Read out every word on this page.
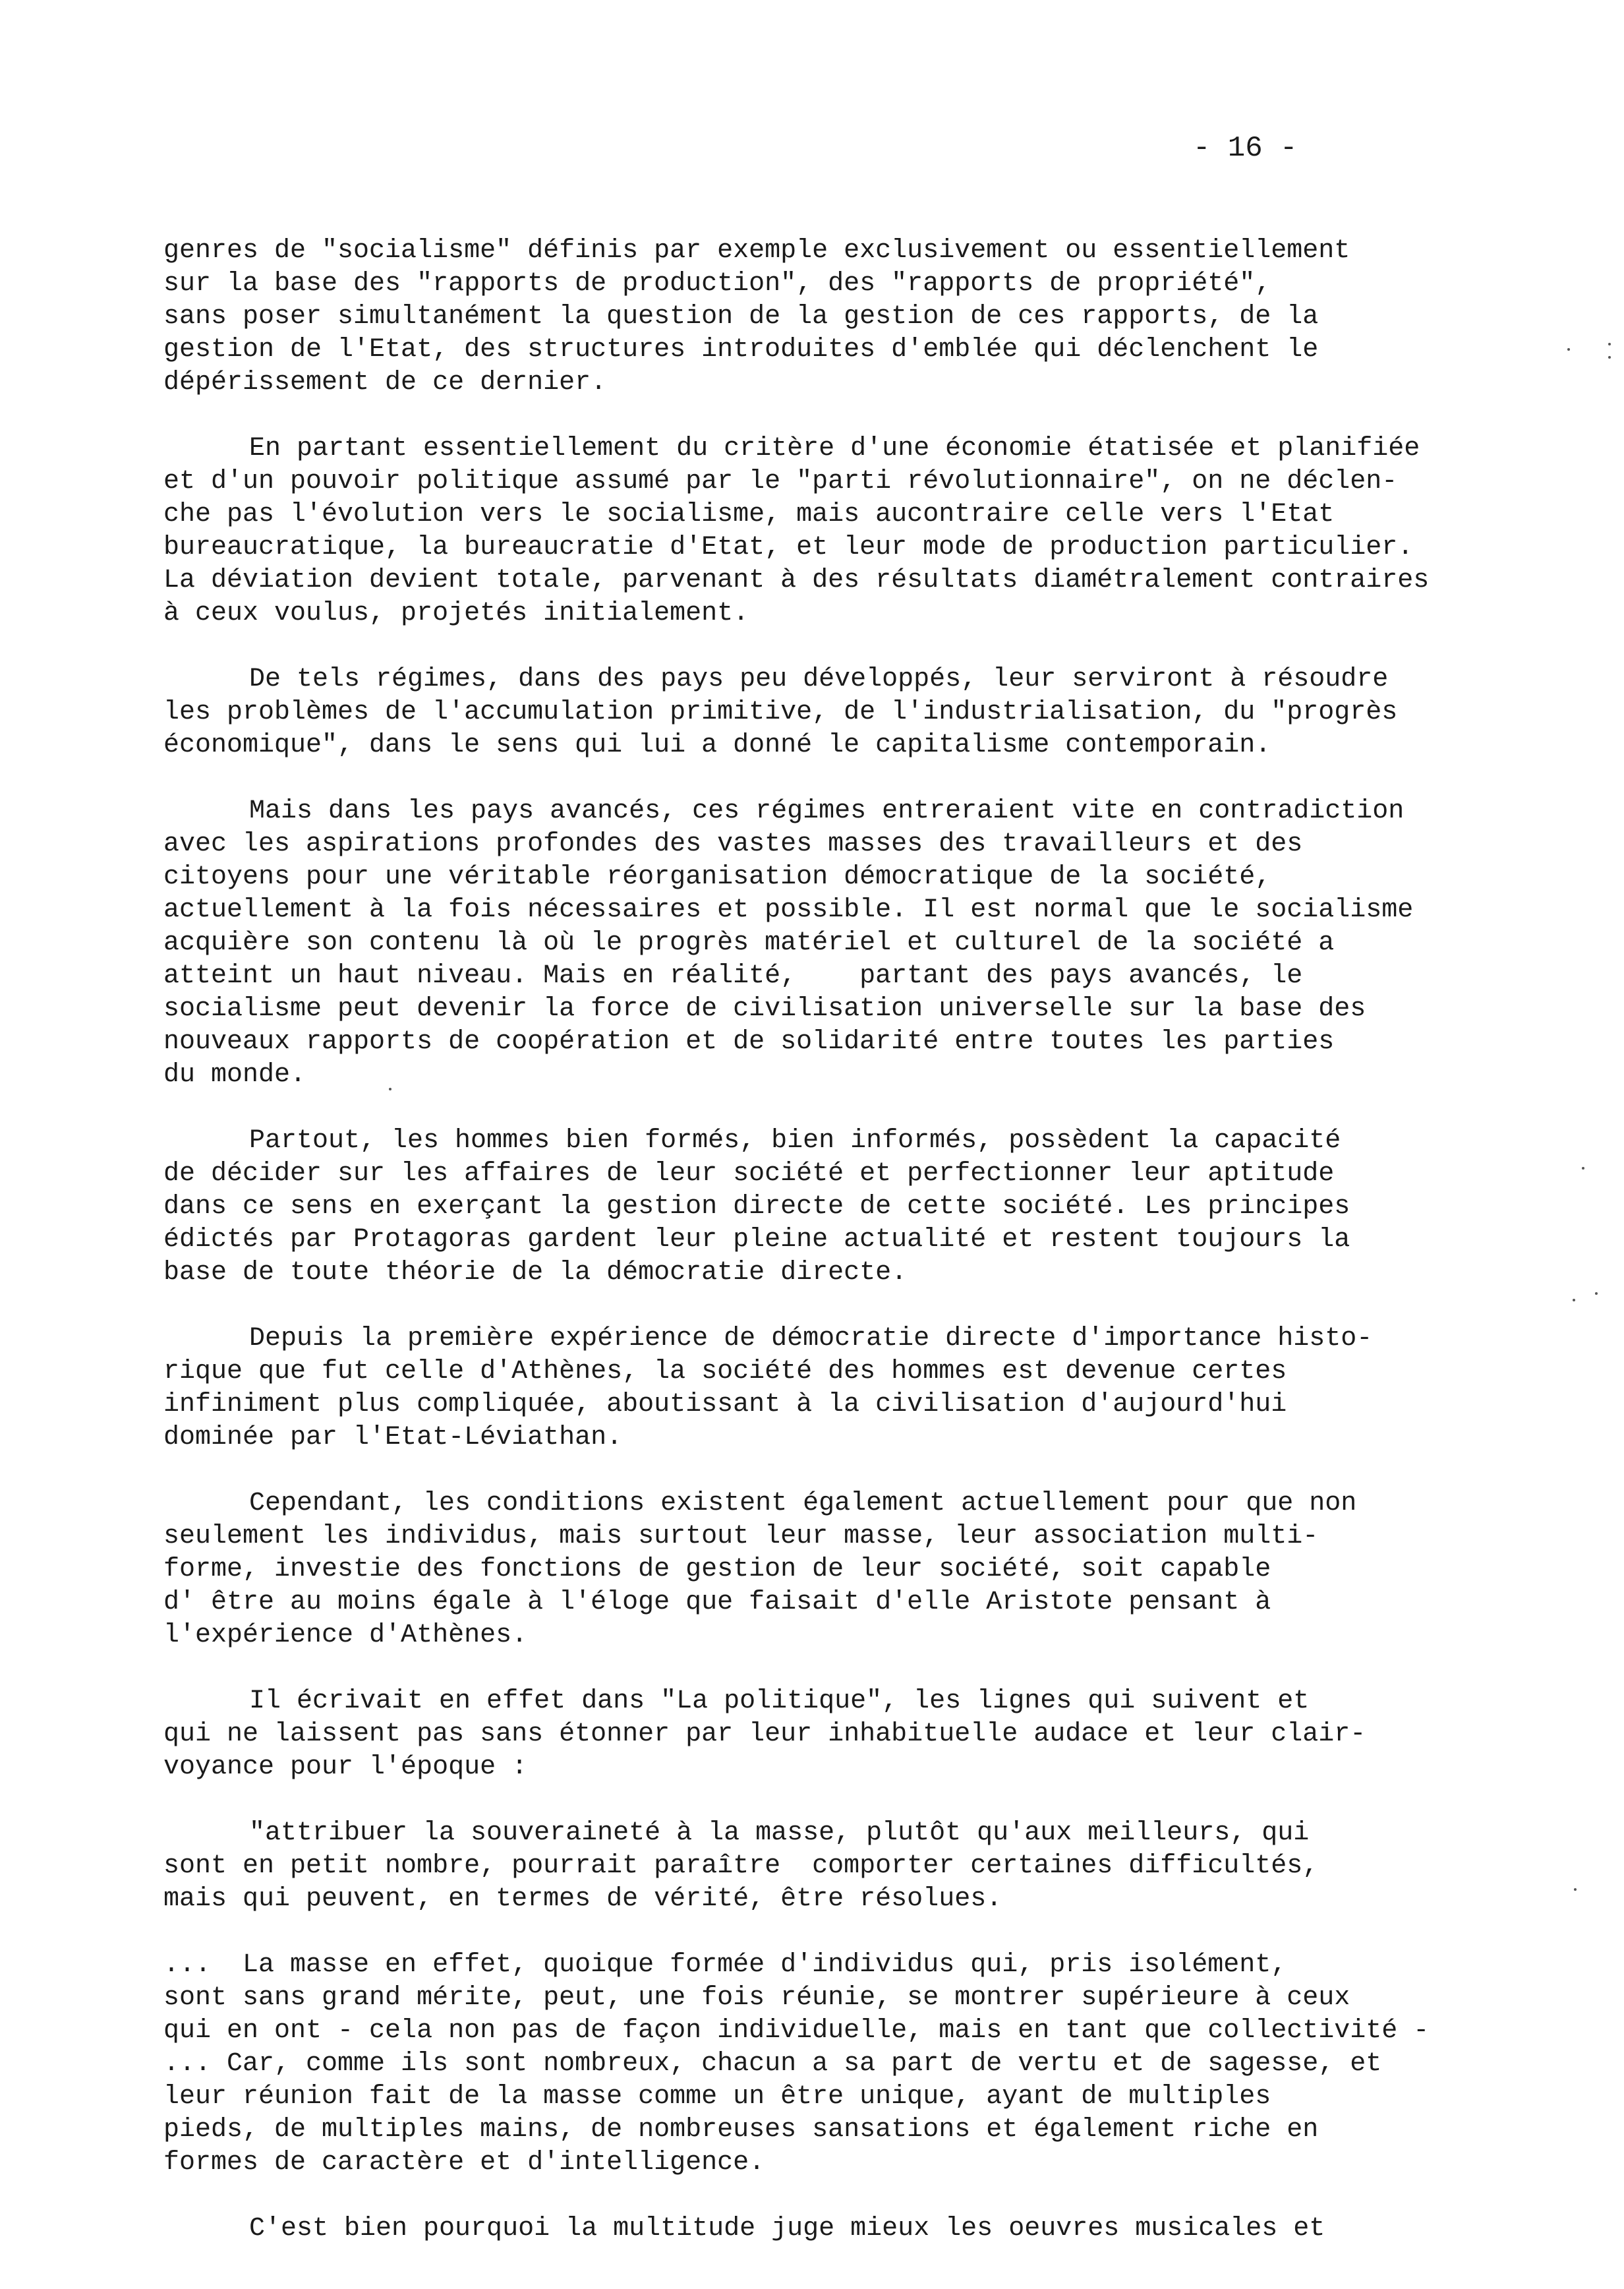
- 16 -
genres de "socialisme" définis par exemple exclusivement ou essentiellement
sur la base des "rapports de production", des "rapports de propriété",
sans poser simultanément la question de la gestion de ces rapports, de la
gestion de l'Etat, des structures introduites d'emblée qui déclenchent le
dépérissement de ce dernier.
En partant essentiellement du critère d'une économie étatisée et planifiée
et d'un pouvoir politique assumé par le "parti révolutionnaire", on ne déclen-
che pas l'évolution vers le socialisme, mais aucontraire celle vers l'Etat
bureaucratique, la bureaucratie d'Etat, et leur mode de production particulier.
La déviation devient totale, parvenant à des résultats diamétralement contraires
à ceux voulus, projetés initialement.
De tels régimes, dans des pays peu développés, leur serviront à résoudre
les problèmes de l'accumulation primitive, de l'industrialisation, du "progrès
économique", dans le sens qui lui a donné le capitalisme contemporain.
Mais dans les pays avancés, ces régimes entreraient vite en contradiction
avec les aspirations profondes des vastes masses des travailleurs et des
citoyens pour une véritable réorganisation démocratique de la société,
actuellement à la fois nécessaires et possible. Il est normal que le socialisme
acquière son contenu là où le progrès matériel et culturel de la société a
atteint un haut niveau. Mais en réalité,    partant des pays avancés, le
socialisme peut devenir la force de civilisation universelle sur la base des
nouveaux rapports de coopération et de solidarité entre toutes les parties
du monde.
Partout, les hommes bien formés, bien informés, possèdent la capacité
de décider sur les affaires de leur société et perfectionner leur aptitude
dans ce sens en exerçant la gestion directe de cette société. Les principes
édictés par Protagoras gardent leur pleine actualité et restent toujours la
base de toute théorie de la démocratie directe.
Depuis la première expérience de démocratie directe d'importance histo-
rique que fut celle d'Athènes, la société des hommes est devenue certes
infiniment plus compliquée, aboutissant à la civilisation d'aujourd'hui
dominée par l'Etat-Léviathan.
Cependant, les conditions existent également actuellement pour que non
seulement les individus, mais surtout leur masse, leur association multi-
forme, investie des fonctions de gestion de leur société, soit capable
d' être au moins égale à l'éloge que faisait d'elle Aristote pensant à
l'expérience d'Athènes.
Il écrivait en effet dans "La politique", les lignes qui suivent et
qui ne laissent pas sans étonner par leur inhabituelle audace et leur clair-
voyance pour l'époque :
"attribuer la souveraineté à la masse, plutôt qu'aux meilleurs, qui
sont en petit nombre, pourrait paraître  comporter certaines difficultés,
mais qui peuvent, en termes de vérité, être résolues.
...  La masse en effet, quoique formée d'individus qui, pris isolément,
sont sans grand mérite, peut, une fois réunie, se montrer supérieure à ceux
qui en ont - cela non pas de façon individuelle, mais en tant que collectivité -
... Car, comme ils sont nombreux, chacun a sa part de vertu et de sagesse, et
leur réunion fait de la masse comme un être unique, ayant de multiples
pieds, de multiples mains, de nombreuses sansations et également riche en
formes de caractère et d'intelligence.
C'est bien pourquoi la multitude juge mieux les oeuvres musicales et
